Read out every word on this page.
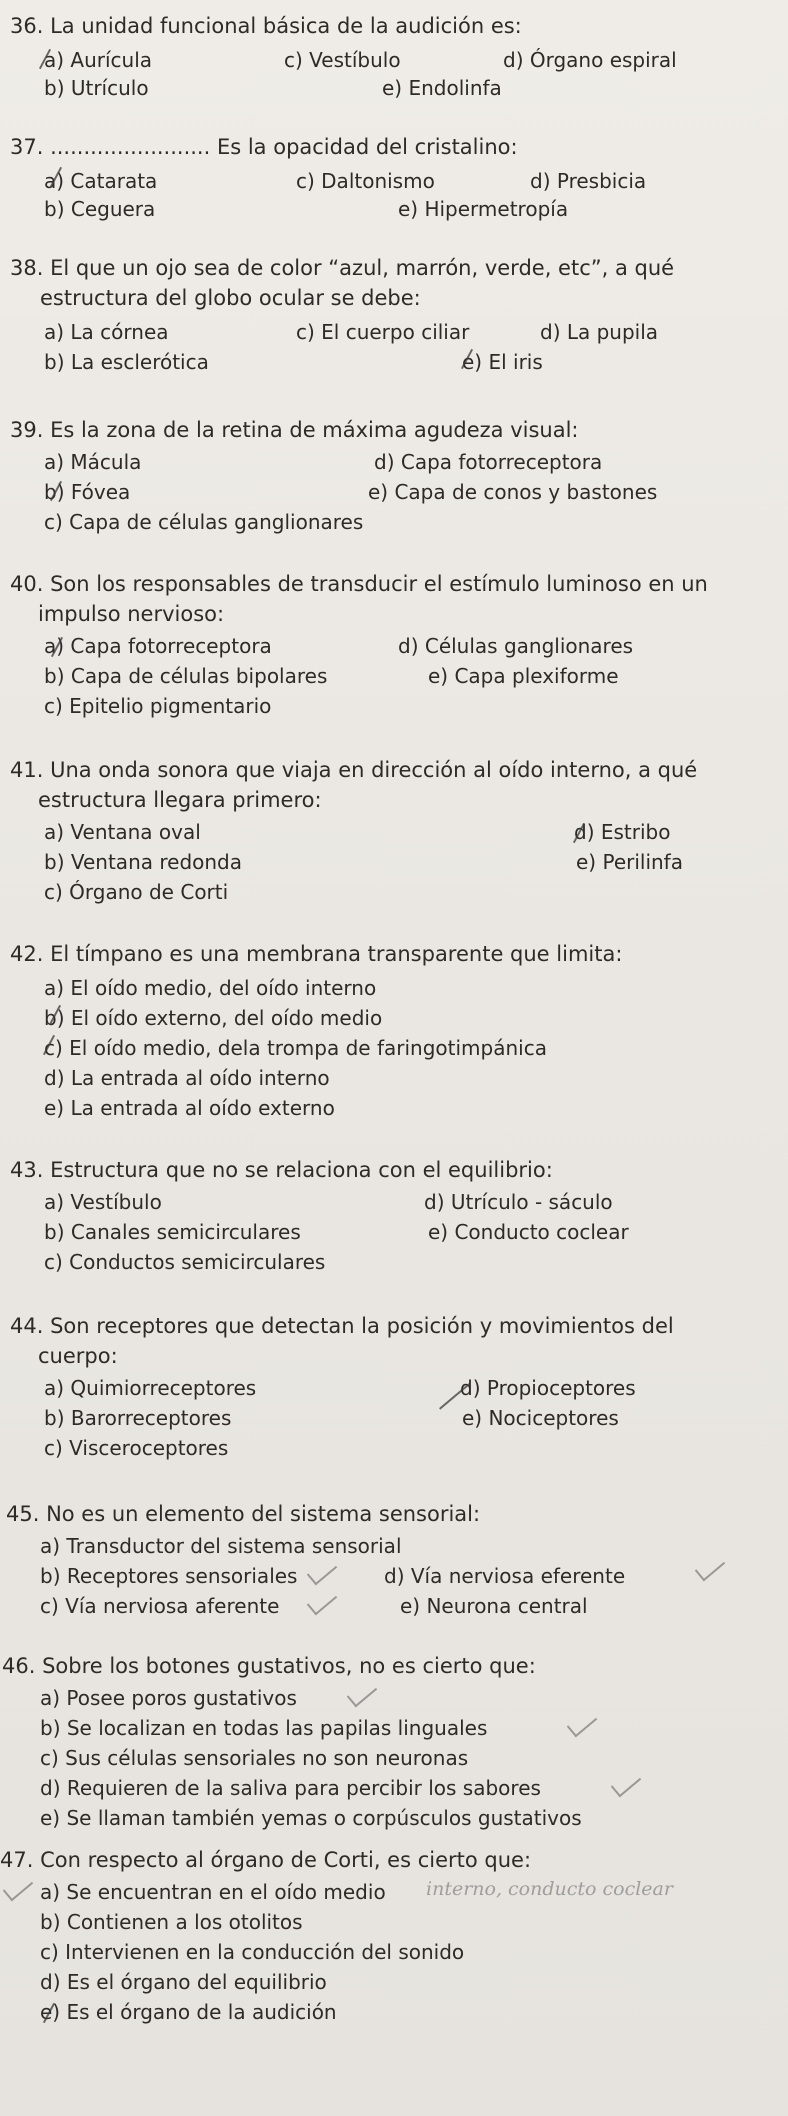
36. La unidad funcional básica de la audición es:
a) Aurícula	c) Vestíbulo	d) Órgano espiral
b) Utrículo	e) Endolinfa
37. ........................ Es la opacidad del cristalino:
a) Catarata	c) Daltonismo	d) Presbicia
b) Ceguera	e) Hipermetropía
38. El que un ojo sea de color “azul, marrón, verde, etc”, a qué
estructura del globo ocular se debe:
a) La córnea	c) El cuerpo ciliar	d) La pupila
b) La esclerótica	e) El iris
39. Es la zona de la retina de máxima agudeza visual:
a) Mácula	d) Capa fotorreceptora
b) Fóvea	e) Capa de conos y bastones
c) Capa de células ganglionares
40. Son los responsables de transducir el estímulo luminoso en un
impulso nervioso:
a) Capa fotorreceptora	d) Células ganglionares
b) Capa de células bipolares	e) Capa plexiforme
c) Epitelio pigmentario
41. Una onda sonora que viaja en dirección al oído interno, a qué
estructura llegara primero:
a) Ventana oval	d) Estribo
b) Ventana redonda	e) Perilinfa
c) Órgano de Corti
42. El tímpano es una membrana transparente que limita:
a) El oído medio, del oído interno
b) El oído externo, del oído medio
c) El oído medio, dela trompa de faringotimpánica
d) La entrada al oído interno
e) La entrada al oído externo
43. Estructura que no se relaciona con el equilibrio:
a) Vestíbulo	d) Utrículo - sáculo
b) Canales semicirculares	e) Conducto coclear
c) Conductos semicirculares
44. Son receptores que detectan la posición y movimientos del
cuerpo:
a) Quimiorreceptores	d) Propioceptores
b) Barorreceptores	e) Nociceptores
c) Visceroceptores
45. No es un elemento del sistema sensorial:
a) Transductor del sistema sensorial
b) Receptores sensoriales	d) Vía nerviosa eferente
c) Vía nerviosa aferente	e) Neurona central
46. Sobre los botones gustativos, no es cierto que:
a) Posee poros gustativos
b) Se localizan en todas las papilas linguales
c) Sus células sensoriales no son neuronas
d) Requieren de la saliva para percibir los sabores
e) Se llaman también yemas o corpúsculos gustativos
47. Con respecto al órgano de Corti, es cierto que:
a) Se encuentran en el oído medio
b) Contienen a los otolitos
c) Intervienen en la conducción del sonido
d) Es el órgano del equilibrio
e) Es el órgano de la audición
interno, conducto coclear
